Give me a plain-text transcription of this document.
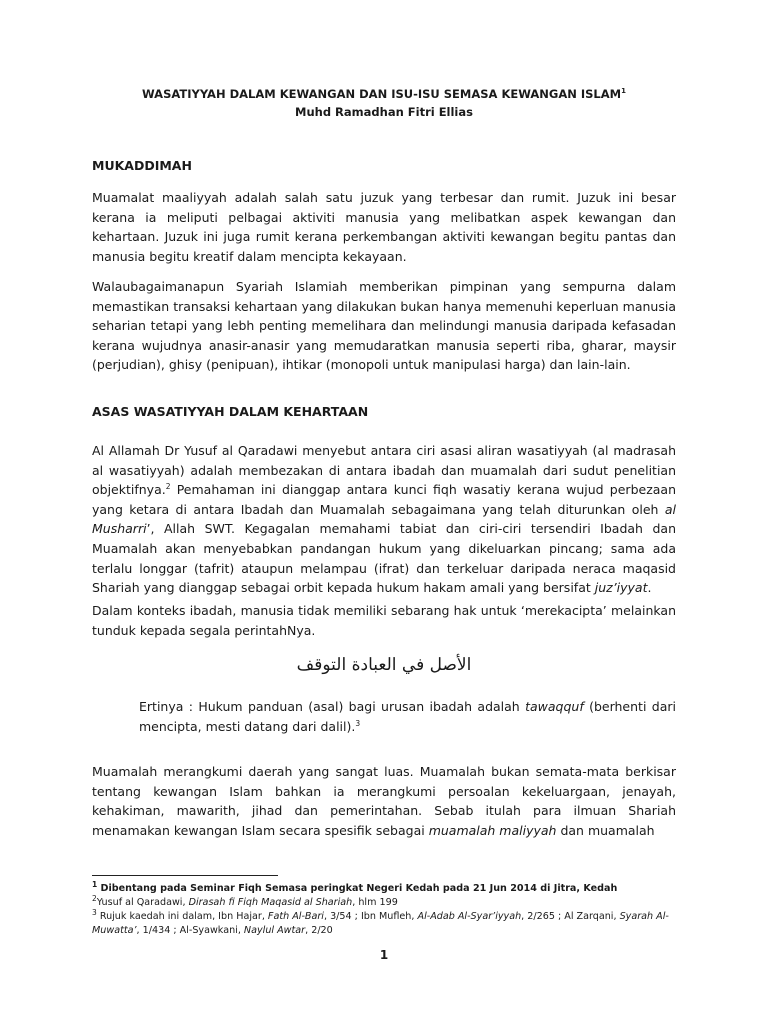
WASATIYYAH DALAM KEWANGAN DAN ISU-ISU SEMASA KEWANGAN ISLAM$^1$
Muhd Ramadhan Fitri Ellias
MUKADDIMAH

Muamalat maaliyyah adalah salah satu juzuk yang terbesar dan rumit. Juzuk ini besar kerana ia meliputi pelbagai aktiviti manusia yang melibatkan aspek kewangan dan kehartaan. Juzuk ini juga rumit kerana perkembangan aktiviti kewangan begitu pantas dan manusia begitu kreatif dalam mencipta kekayaan.

Walaubagaimanapun Syariah Islamiah memberikan pimpinan yang sempurna dalam memastikan transaksi kehartaan yang dilakukan bukan hanya memenuhi keperluan manusia seharian tetapi yang lebh penting memelihara dan melindungi manusia daripada kefasadan kerana wujudnya anasir-anasir yang memudaratkan manusia seperti riba, gharar, maysir (perjudian), ghisy (penipuan), ihtikar (monopoli untuk manipulasi harga) dan lain-lain.

ASAS WASATIYYAH DALAM KEHARTAAN

Al Allamah Dr Yusuf al Qaradawi menyebut antara ciri asasi aliran wasatiyyah (al madrasah al wasatiyyah) adalah membezakan di antara ibadah dan muamalah dari sudut penelitian objektifnya.$^2$ Pemahaman ini dianggap antara kunci fiqh wasatiy kerana wujud perbezaan yang ketara di antara Ibadah dan Muamalah sebagaimana yang telah diturunkan oleh al Musharri’, Allah SWT. Kegagalan memahami tabiat dan ciri-ciri tersendiri Ibadah dan Muamalah akan menyebabkan pandangan hukum yang dikeluarkan pincang; sama ada terlalu longgar (tafrit) ataupun melampau (ifrat) dan terkeluar daripada neraca maqasid Shariah yang dianggap sebagai orbit kepada hukum hakam amali yang bersifat juz’iyyat.

Dalam konteks ibadah, manusia tidak memiliki sebarang hak untuk ‘merekacipta’ melainkan tunduk kepada segala perintahNya.

الأصل في العبادة التوقف

Ertinya : Hukum panduan (asal) bagi urusan ibadah adalah tawaqquf (berhenti dari mencipta, mesti datang dari dalil).$^3$

Muamalah merangkumi daerah yang sangat luas. Muamalah bukan semata-mata berkisar tentang kewangan Islam bahkan ia merangkumi persoalan kekeluargaan, jenayah, kehakiman, mawarith, jihad dan pemerintahan. Sebab itulah para ilmuan Shariah menamakan kewangan Islam secara spesifik sebagai muamalah maliyyah dan muamalah

$^1$ Dibentang pada Seminar Fiqh Semasa peringkat Negeri Kedah pada 21 Jun 2014 di Jitra, Kedah

$^2$Yusuf al Qaradawi, Dirasah fi Fiqh Maqasid al Shariah, hlm 199

$^3$ Rujuk kaedah ini dalam, Ibn Hajar, Fath Al-Bari, 3/54 ; Ibn Mufleh, Al-Adab Al-Syar’iyyah, 2/265 ; Al Zarqani, Syarah Al-Muwatta’, 1/434 ; Al-Syawkani, Naylul Awtar, 2/20

1
